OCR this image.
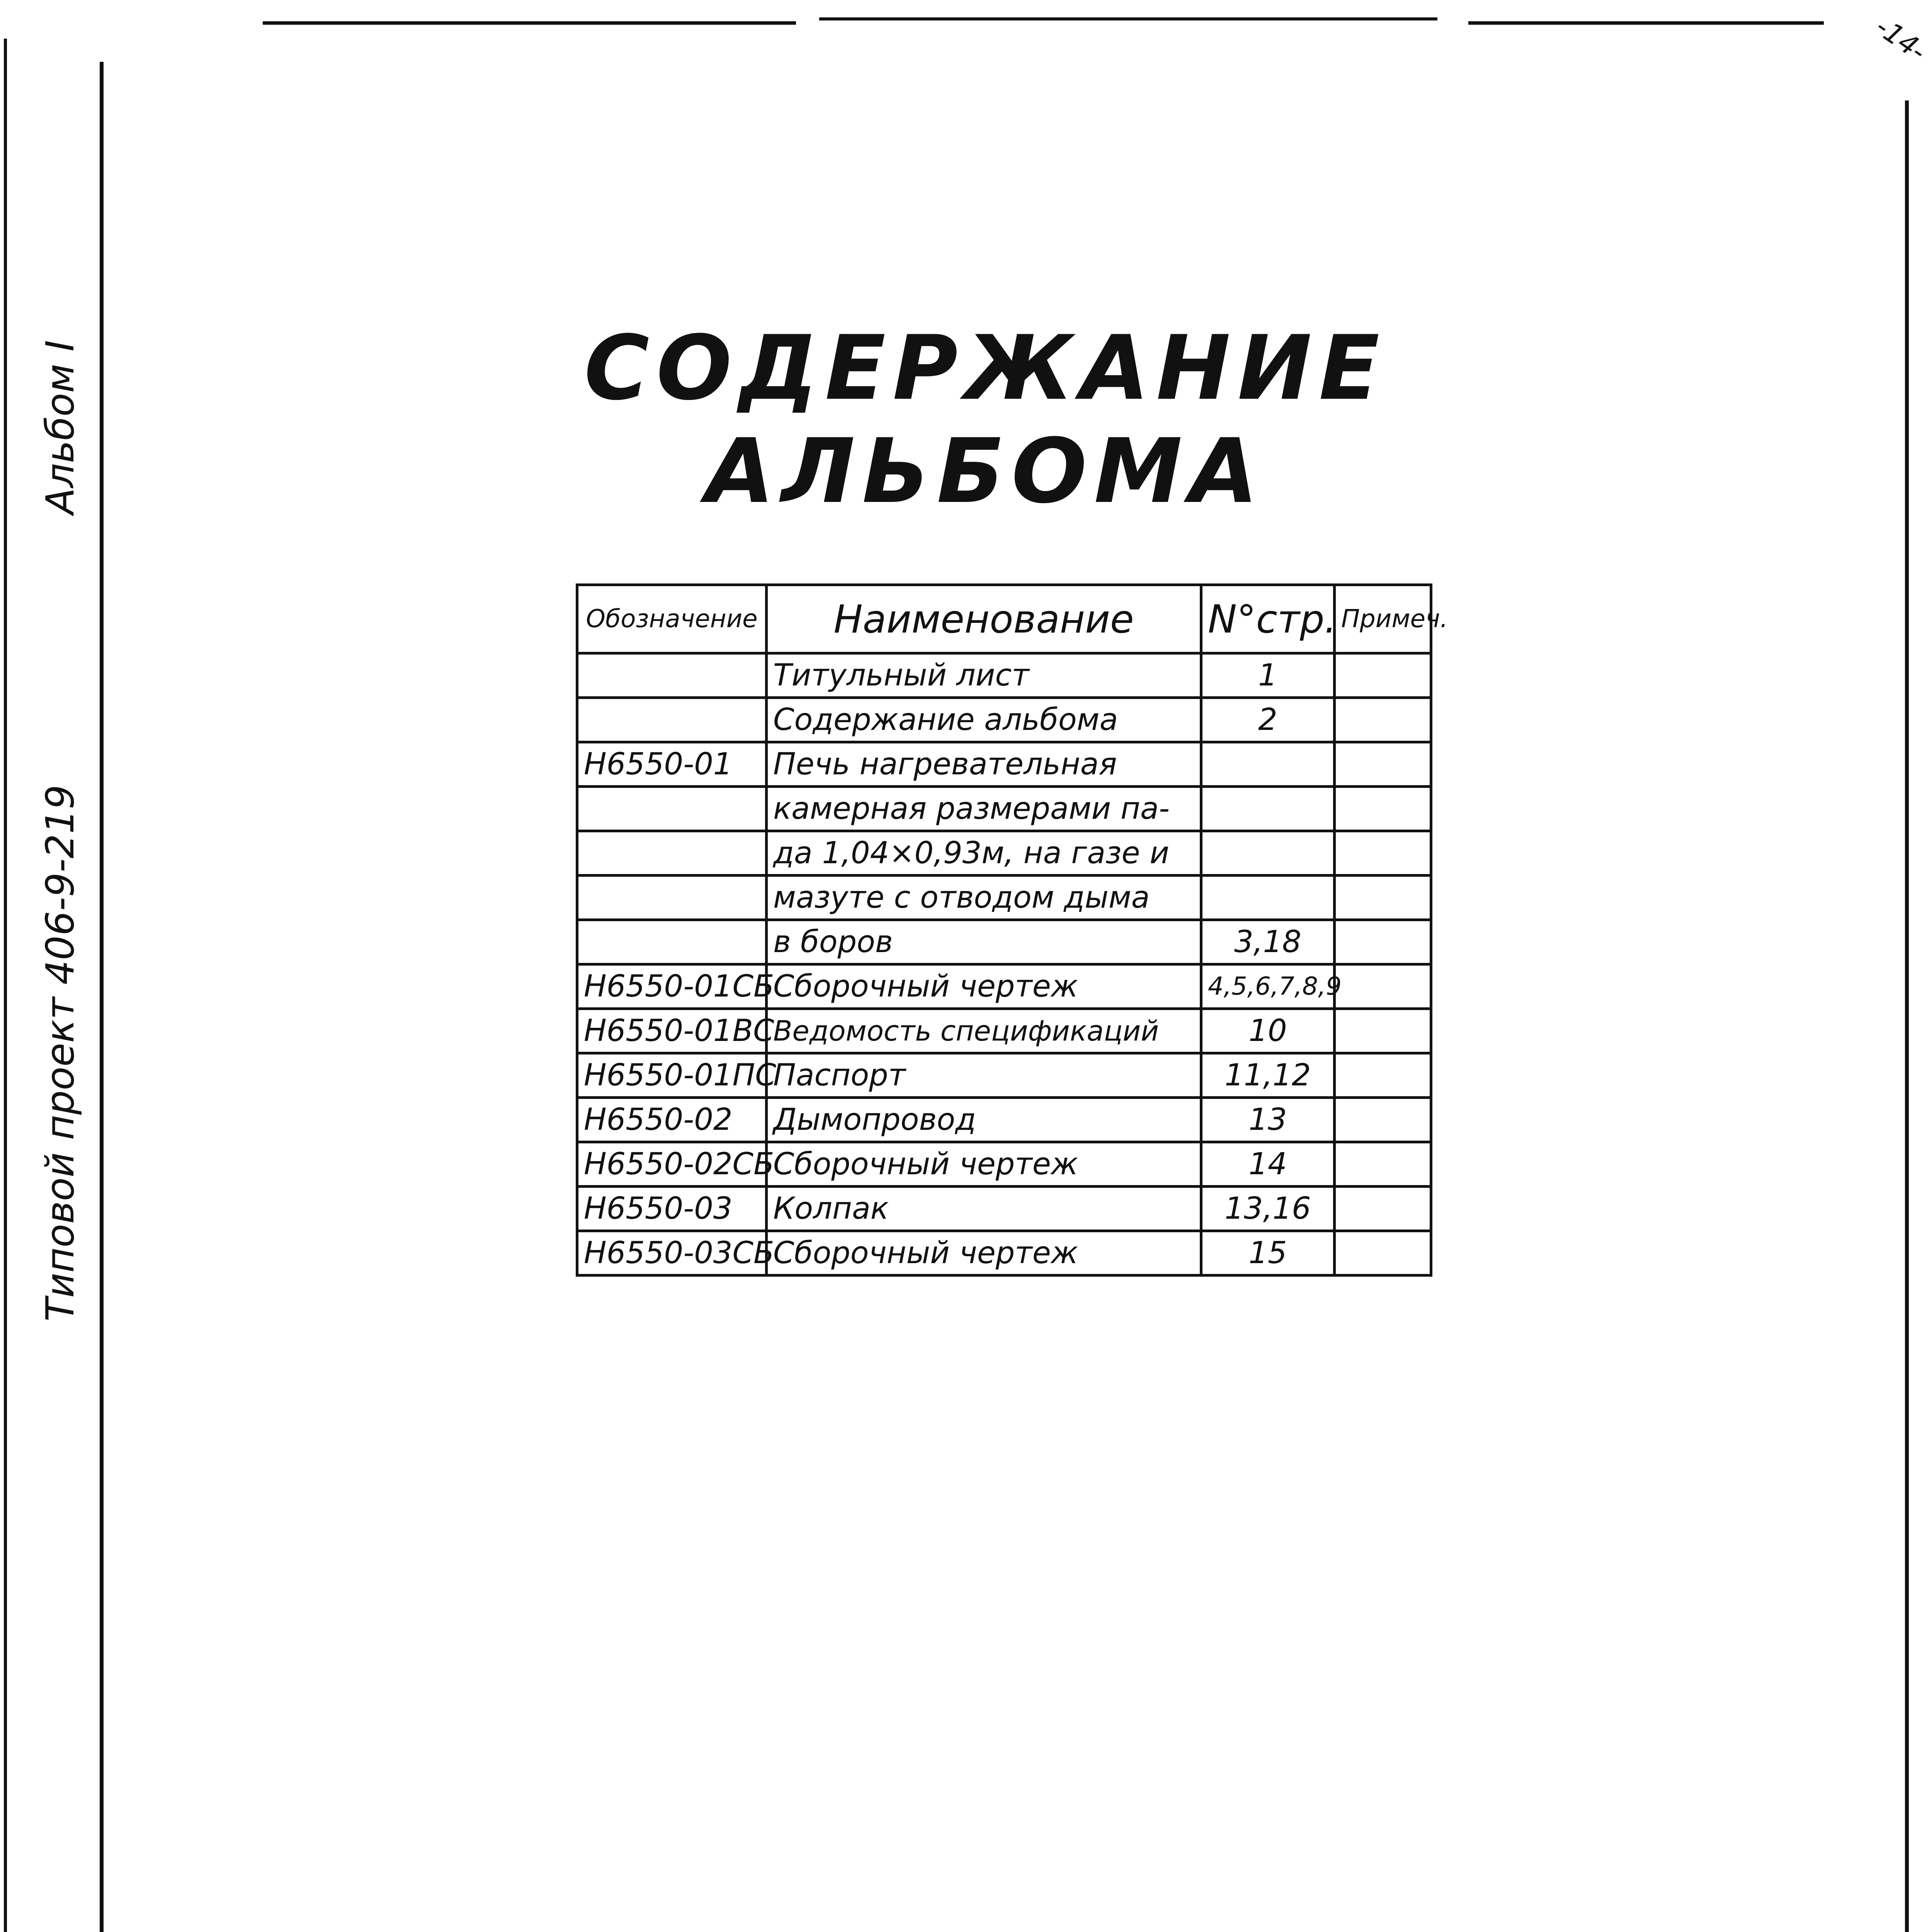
-14-
Типовой проект 406-9-219
Альбом I	СОДЕРЖАНИЕ АЛЬБОМА
Обозначение	Наименование	N°стр.	Примеч.
	Титульный лист	1	
	Содержание альбома	2	
Н6550-01	Печь нагревательная		
	камерная размерами па-		
	да 1,04×0,93м, на газе и		
	мазуте с отводом дыма		
	в боров	3,18	
Н6550-01СБ	Сборочный чертеж	4,5,6,7,8,9	
Н6550-01ВС	Ведомость спецификаций	10	
Н6550-01ПС	Паспорт	11,12	
Н6550-02	Дымопровод	13	
Н6550-02СБ	Сборочный чертеж	14	
Н6550-03	Колпак	13,16	
Н6550-03СБ	Сборочный чертеж	15	
